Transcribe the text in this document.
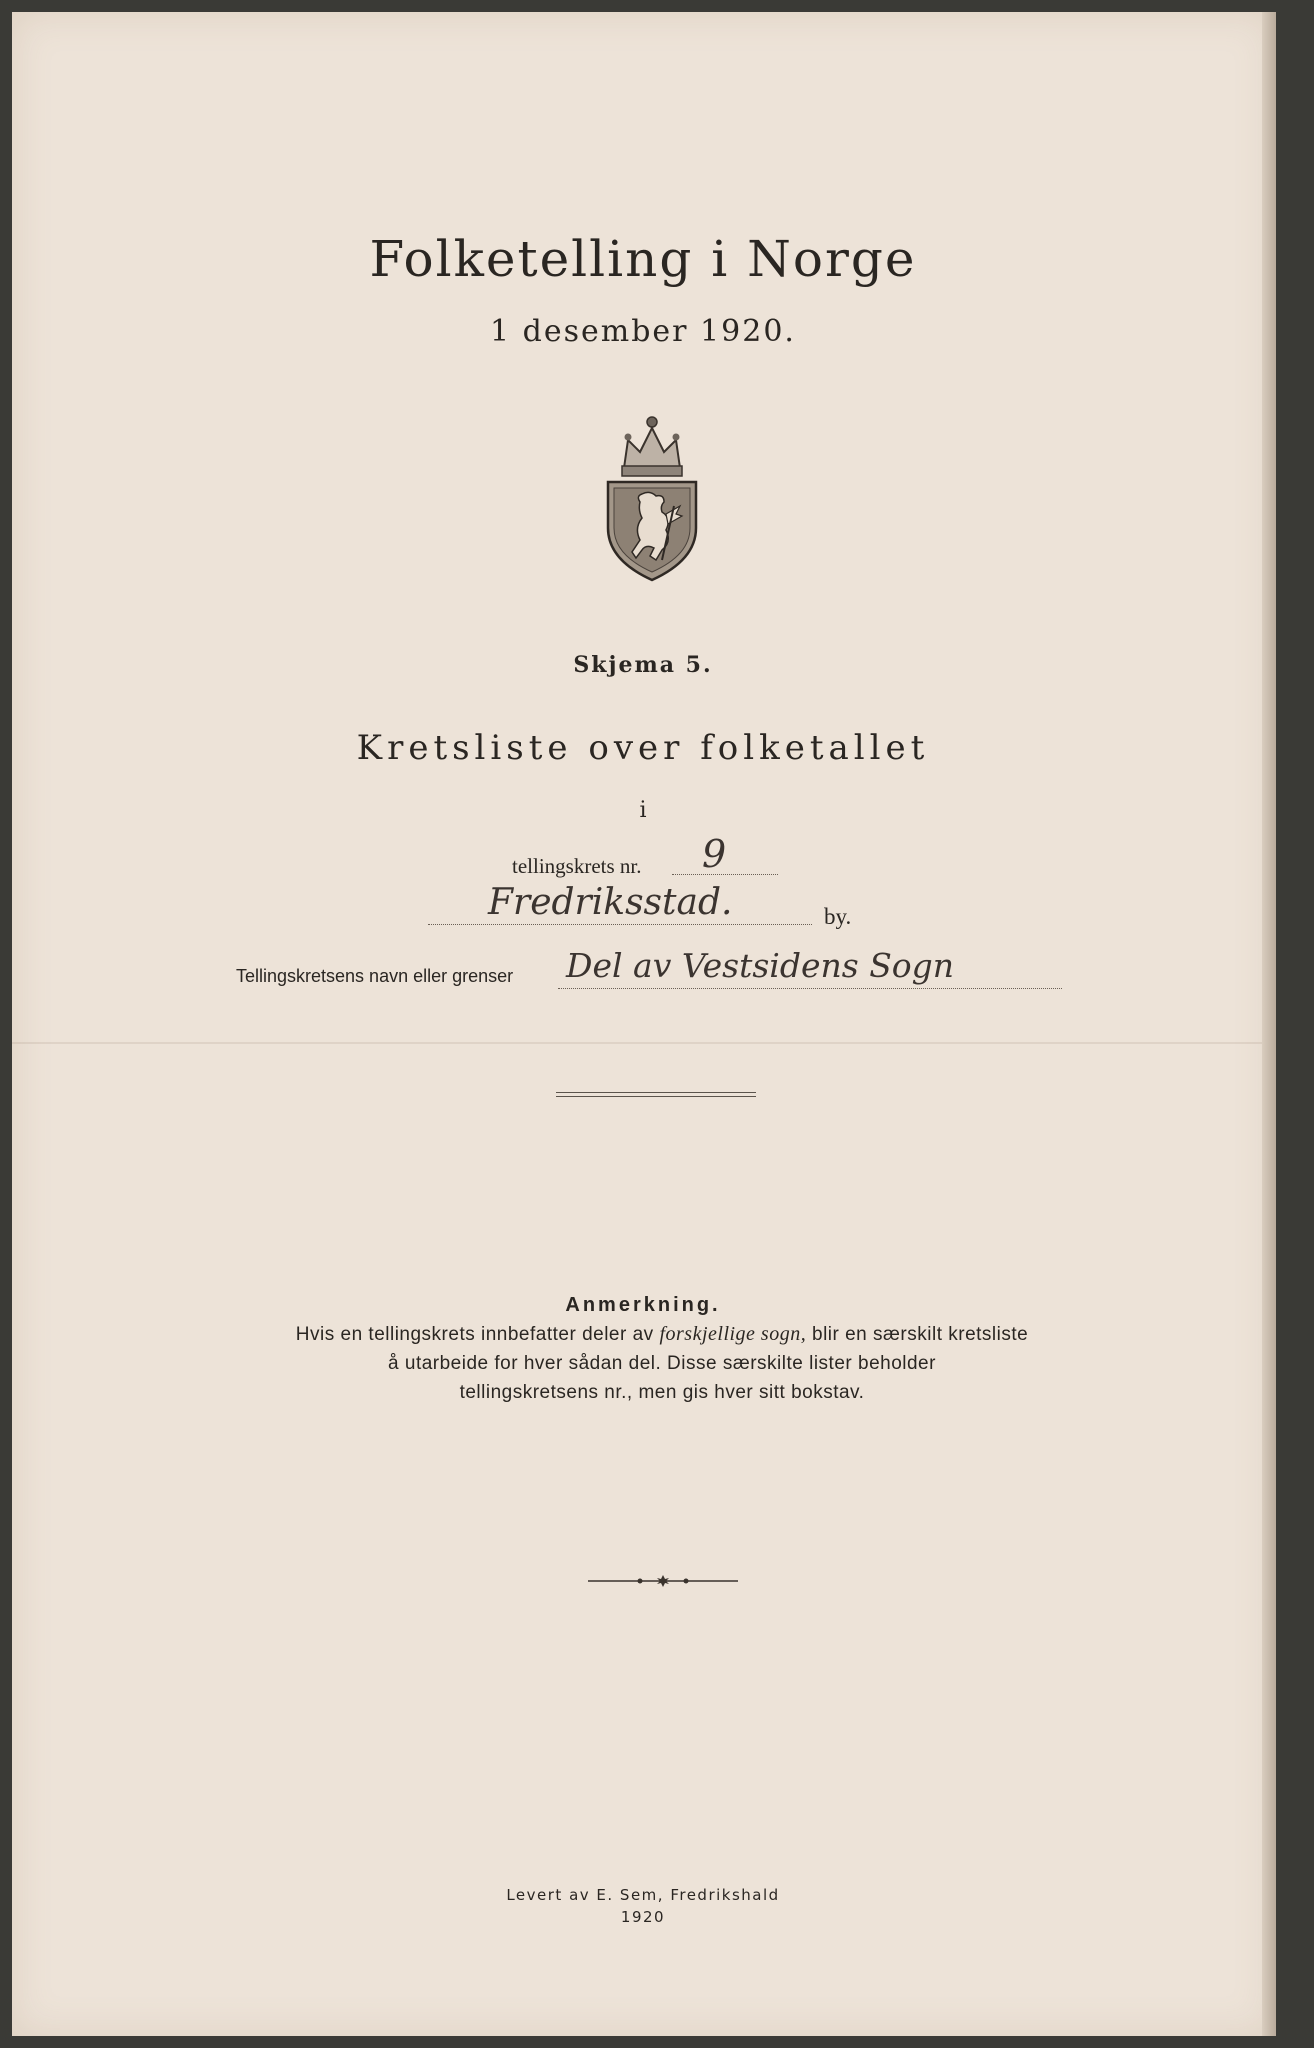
Folketelling i Norge
1 desember 1920.
Skjema 5.
Kretsliste over folketallet
i
tellingskrets nr. 9
Fredriksstad.	by.
Tellingskretsens navn eller grenser Del av Vestsidens Sogn
Anmerkning.
Hvis en tellingskrets innbefatter deler av forskjellige sogn, blir en særskilt kretsliste
å utarbeide for hver sådan del. Disse særskilte lister beholder
tellingskretsens nr., men gis hver sitt bokstav.
Levert av E. Sem, Fredrikshald
1920
